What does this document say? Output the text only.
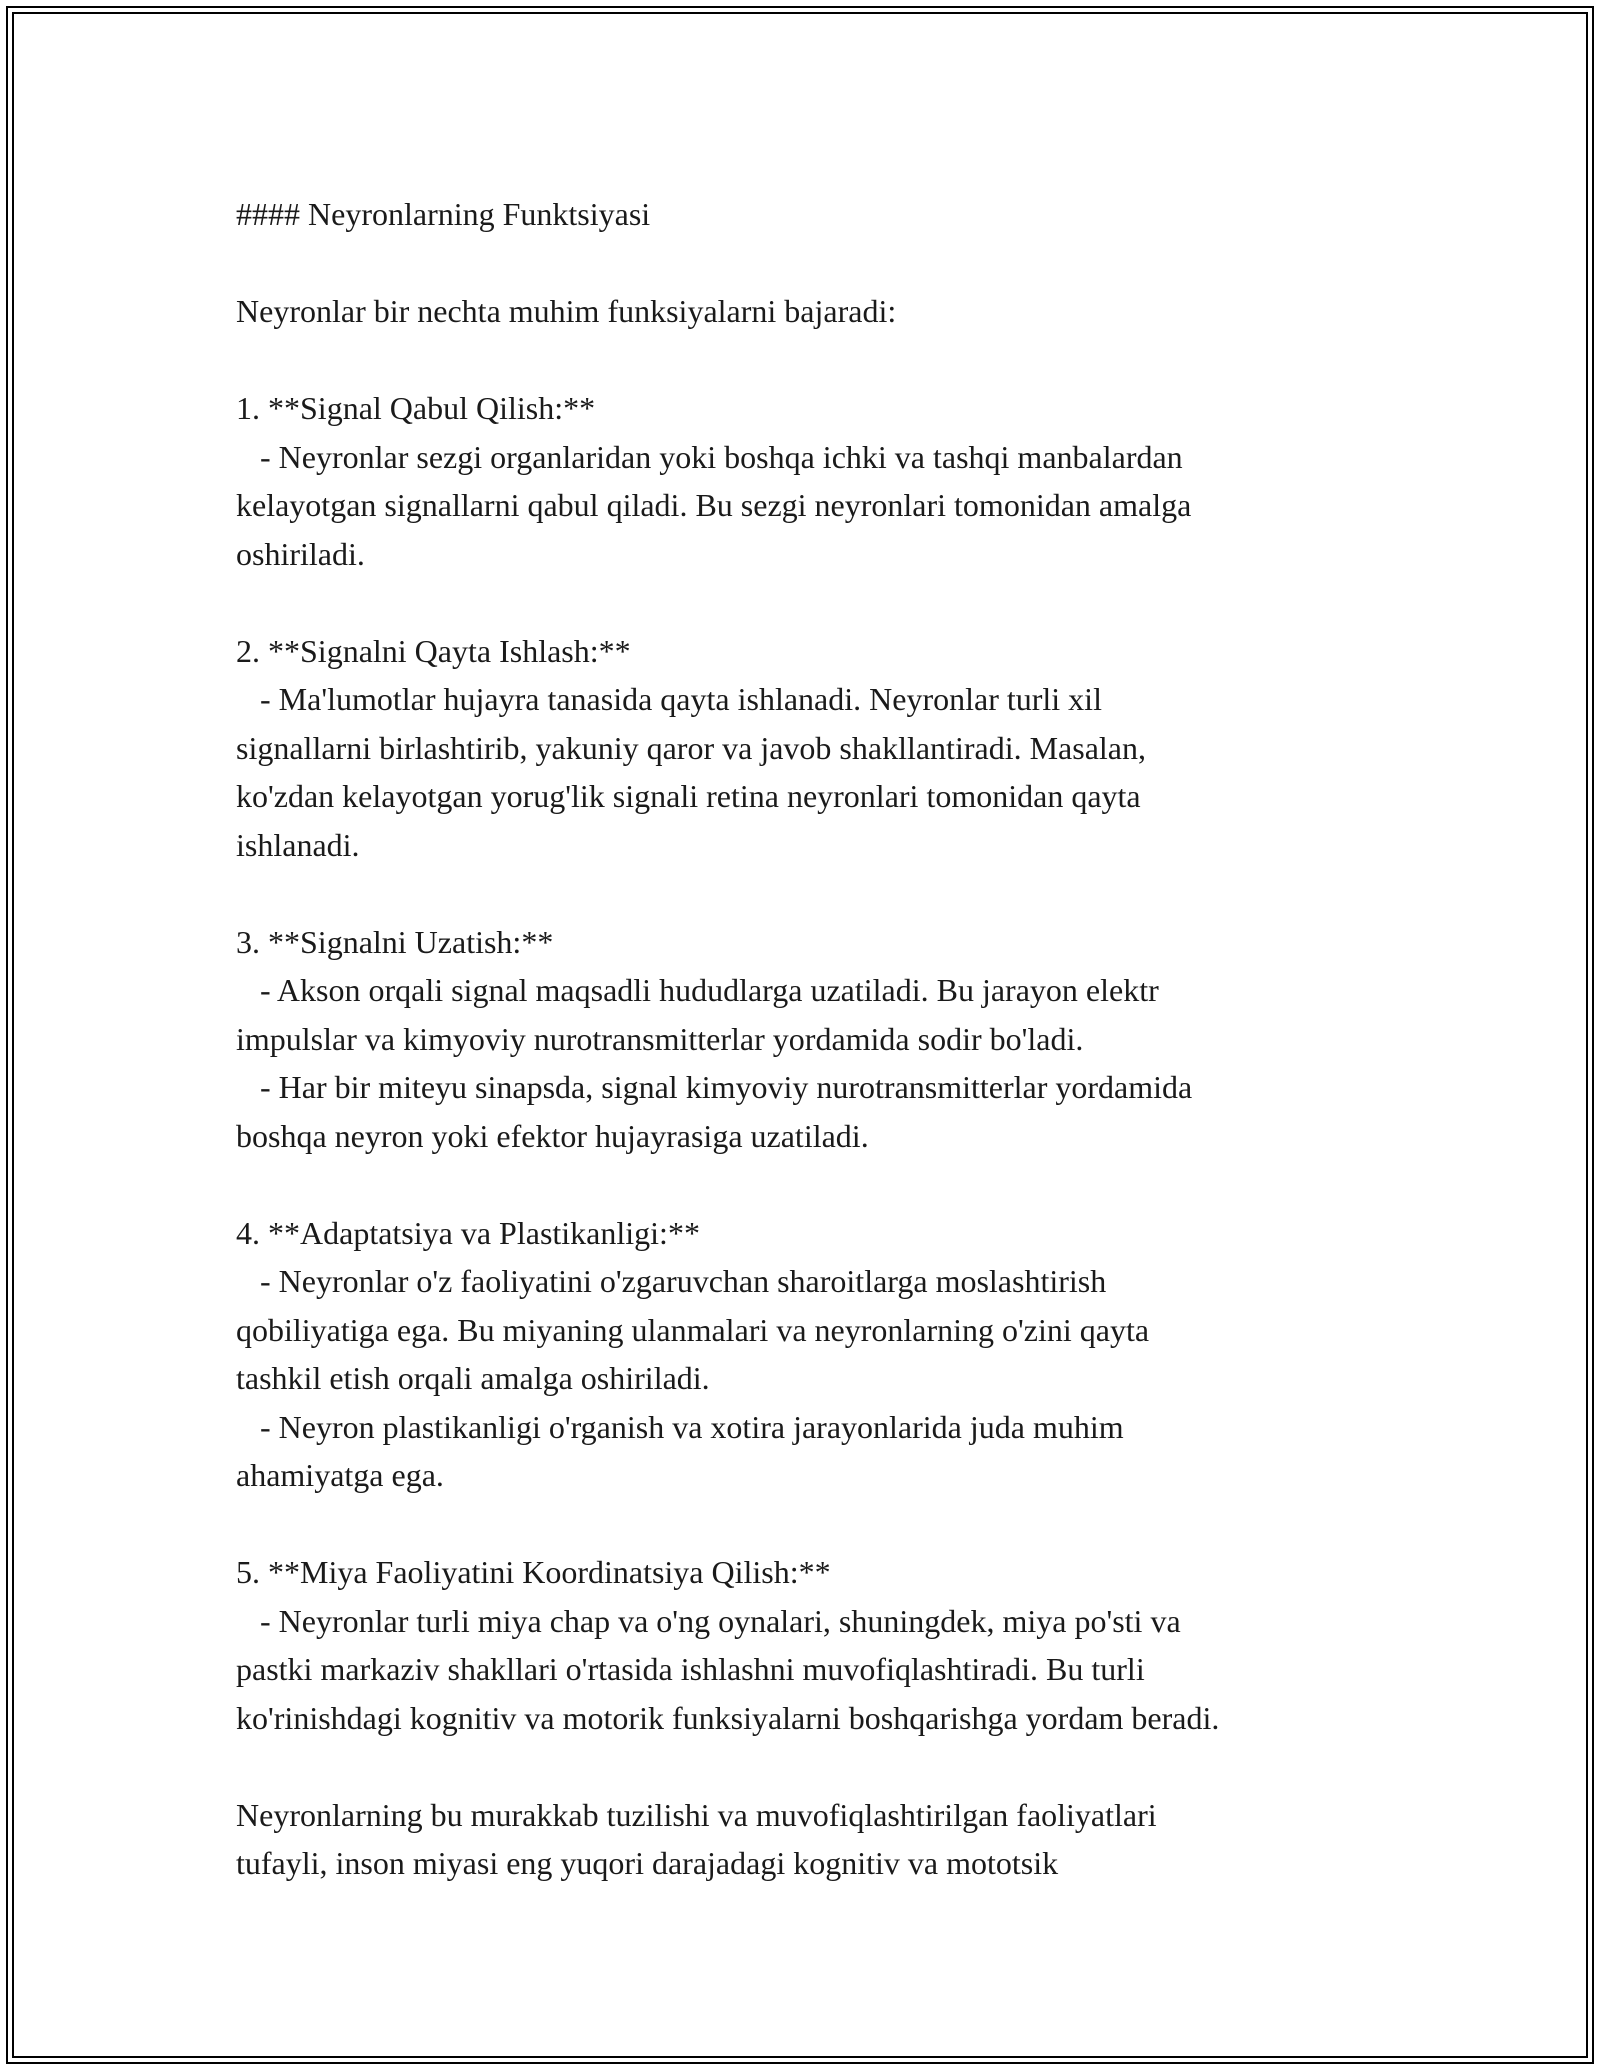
#### Neyronlarning Funktsiyasi

Neyronlar bir nechta muhim funksiyalarni bajaradi:

1. **Signal Qabul Qilish:**

- Neyronlar sezgi organlaridan yoki boshqa ichki va tashqi manbalardan

kelayotgan signallarni qabul qiladi. Bu sezgi neyronlari tomonidan amalga

oshiriladi.

2. **Signalni Qayta Ishlash:**

- Ma'lumotlar hujayra tanasida qayta ishlanadi. Neyronlar turli xil

signallarni birlashtirib, yakuniy qaror va javob shakllantiradi. Masalan,

ko'zdan kelayotgan yorug'lik signali retina neyronlari tomonidan qayta

ishlanadi.

3. **Signalni Uzatish:**

- Akson orqali signal maqsadli hududlarga uzatiladi. Bu jarayon elektr

impulslar va kimyoviy nurotransmitterlar yordamida sodir bo'ladi.

- Har bir miteyu sinapsda, signal kimyoviy nurotransmitterlar yordamida

boshqa neyron yoki efektor hujayrasiga uzatiladi.

4. **Adaptatsiya va Plastikanligi:**

- Neyronlar o'z faoliyatini o'zgaruvchan sharoitlarga moslashtirish

qobiliyatiga ega. Bu miyaning ulanmalari va neyronlarning o'zini qayta

tashkil etish orqali amalga oshiriladi.

- Neyron plastikanligi o'rganish va xotira jarayonlarida juda muhim

ahamiyatga ega.

5. **Miya Faoliyatini Koordinatsiya Qilish:**

- Neyronlar turli miya chap va o'ng oynalari, shuningdek, miya po'sti va

pastki markaziv shakllari o'rtasida ishlashni muvofiqlashtiradi. Bu turli

ko'rinishdagi kognitiv va motorik funksiyalarni boshqarishga yordam beradi.

Neyronlarning bu murakkab tuzilishi va muvofiqlashtirilgan faoliyatlari

tufayli, inson miyasi eng yuqori darajadagi kognitiv va mototsik
